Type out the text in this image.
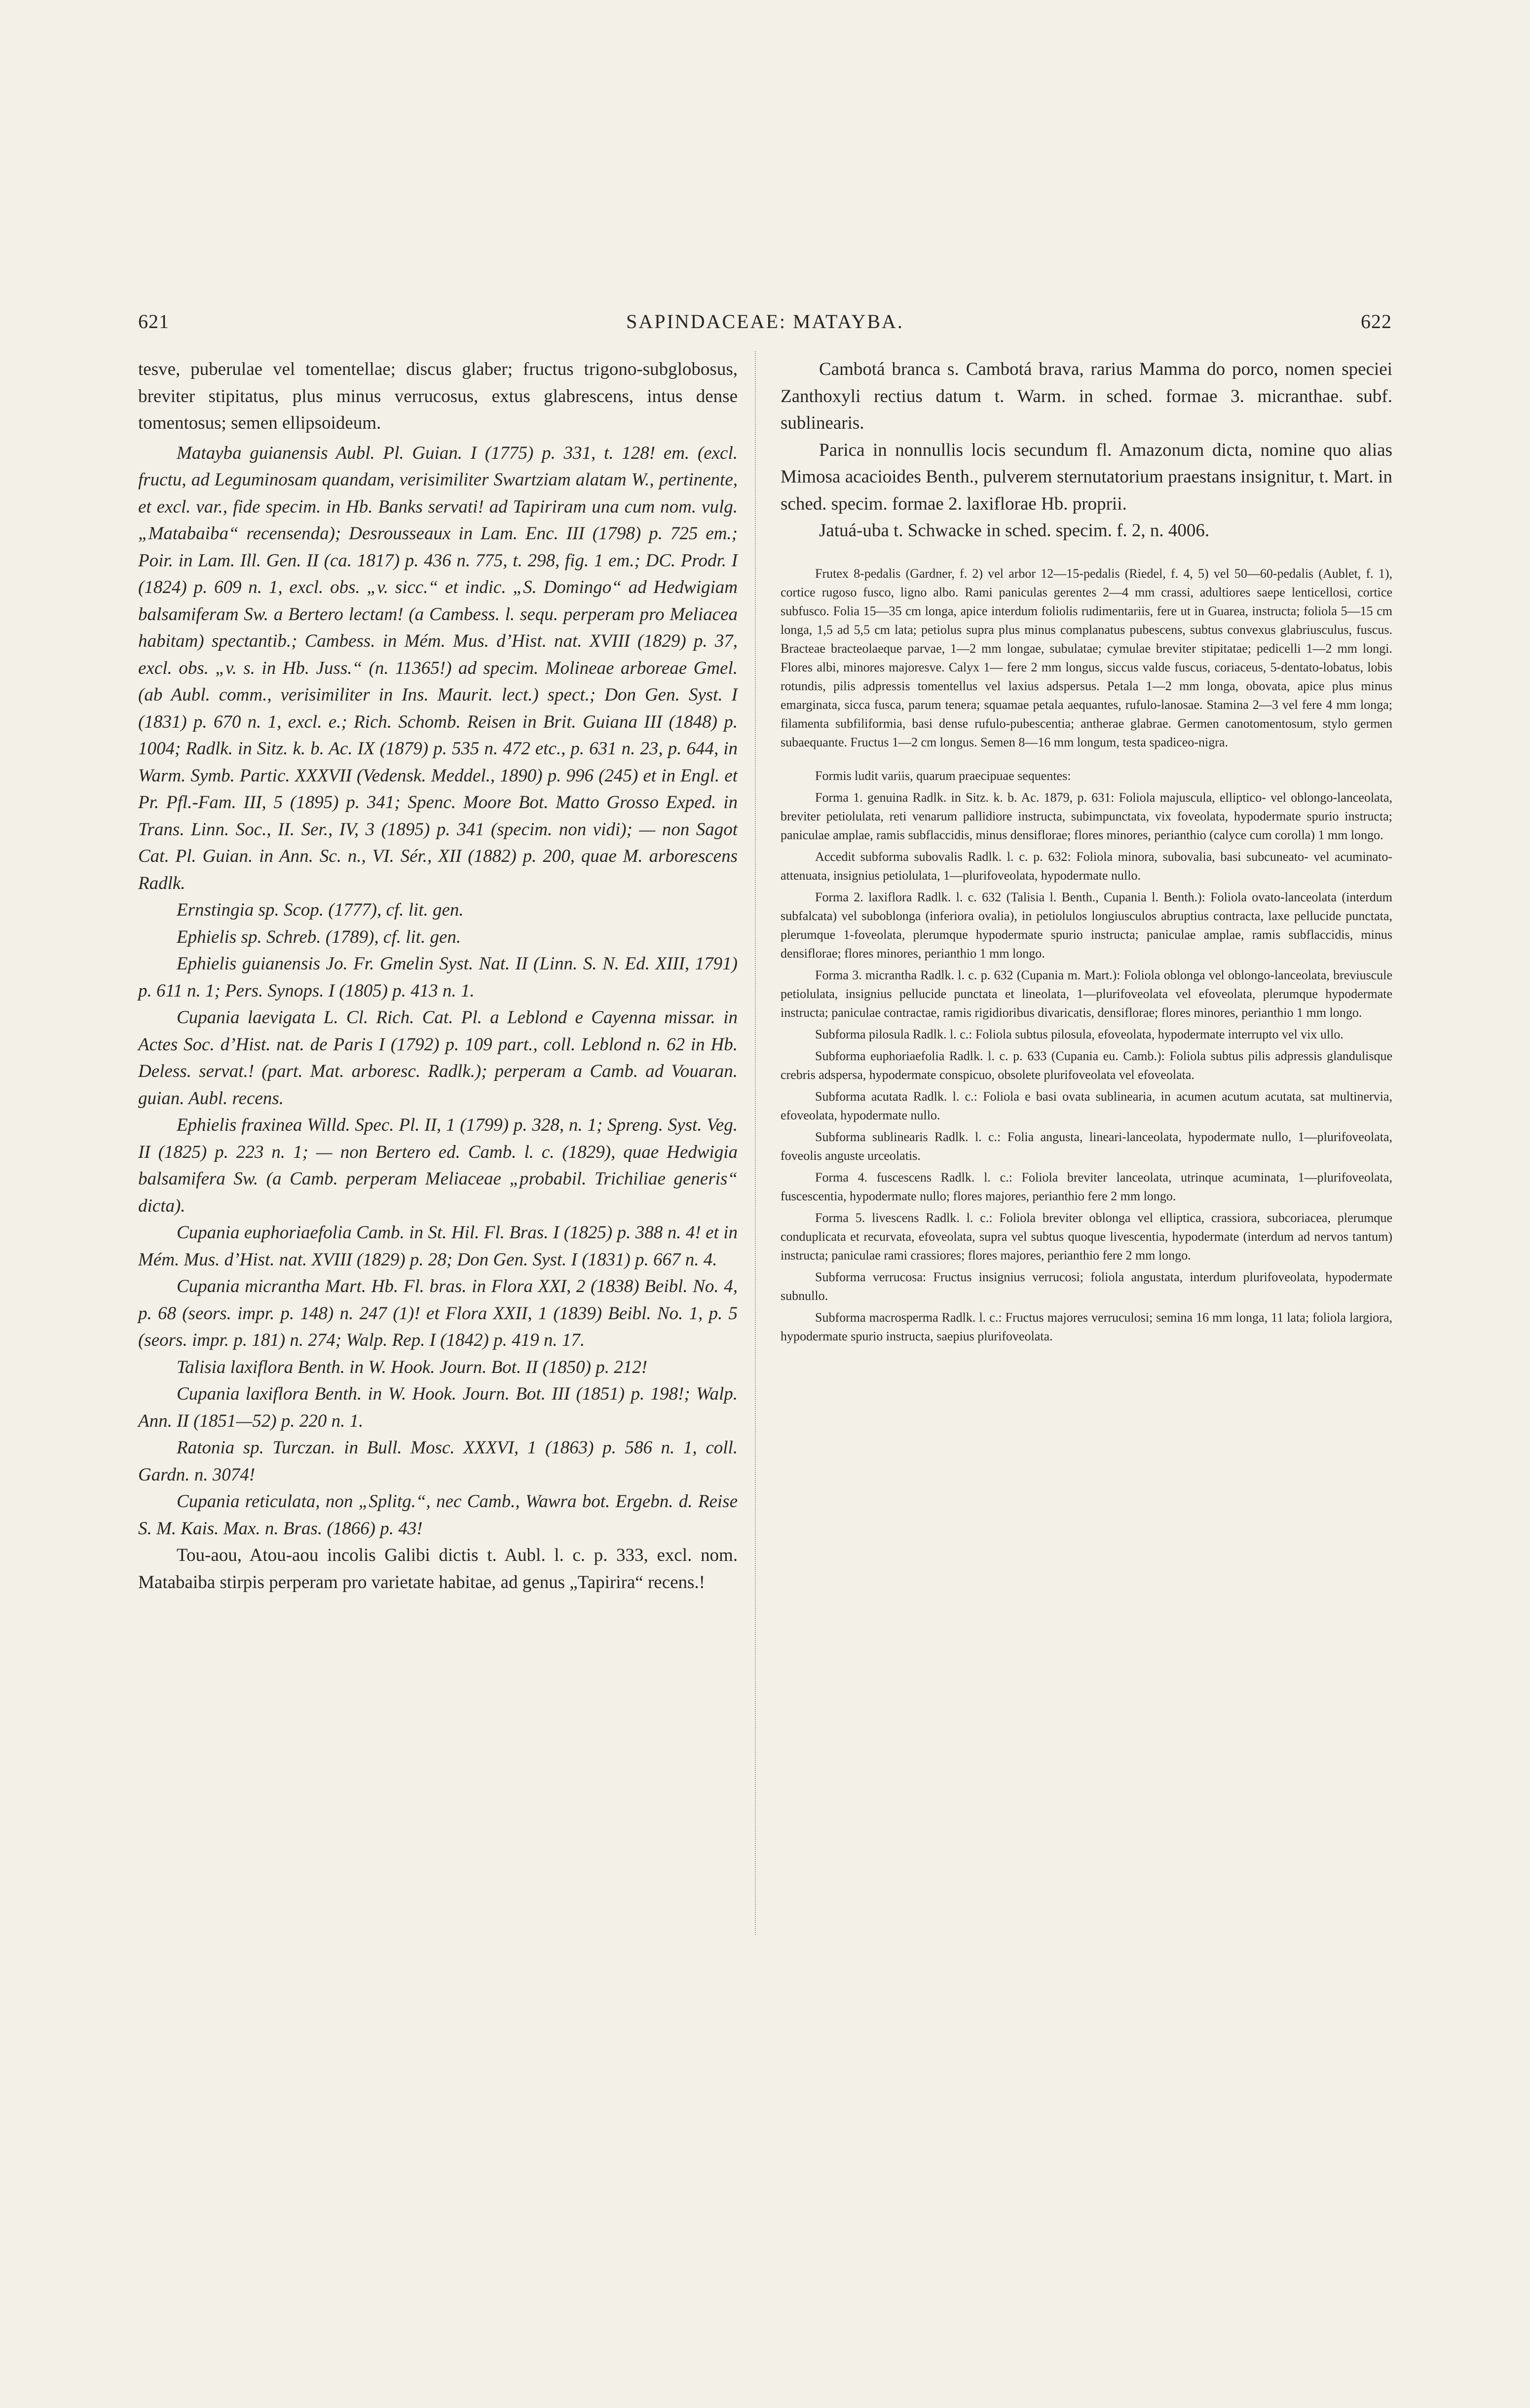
621	SAPINDACEAE: MATAYBA.	622

tesve, puberulae vel tomentellae; discus glaber; fructus trigono-subglobosus, breviter stipitatus, plus minus verrucosus, extus glabrescens, intus dense tomentosus; semen ellipsoideum.

Matayba guianensis Aubl. Pl. Guian. I (1775) p. 331, t. 128! em. (excl. fructu, ad Leguminosam quandam, verisimiliter Swartziam alatam W., pertinente, et excl. var., fide specim. in Hb. Banks servati! ad Tapiriram una cum nom. vulg. „Matabaiba“ recensenda); Desrousseaux in Lam. Enc. III (1798) p. 725 em.; Poir. in Lam. Ill. Gen. II (ca. 1817) p. 436 n. 775, t. 298, fig. 1 em.; DC. Prodr. I (1824) p. 609 n. 1, excl. obs. „v. sicc.“ et indic. „S. Domingo“ ad Hedwigiam balsamiferam Sw. a Bertero lectam! (a Cambess. l. sequ. perperam pro Meliacea habitam) spectantib.; Cambess. in Mém. Mus. d’Hist. nat. XVIII (1829) p. 37, excl. obs. „v. s. in Hb. Juss.“ (n. 11365!) ad specim. Molineae arboreae Gmel. (ab Aubl. comm., verisimiliter in Ins. Maurit. lect.) spect.; Don Gen. Syst. I (1831) p. 670 n. 1, excl. e.; Rich. Schomb. Reisen in Brit. Guiana III (1848) p. 1004; Radlk. in Sitz. k. b. Ac. IX (1879) p. 535 n. 472 etc., p. 631 n. 23, p. 644, in Warm. Symb. Partic. XXXVII (Vedensk. Meddel., 1890) p. 996 (245) et in Engl. et Pr. Pfl.-Fam. III, 5 (1895) p. 341; Spenc. Moore Bot. Matto Grosso Exped. in Trans. Linn. Soc., II. Ser., IV, 3 (1895) p. 341 (specim. non vidi); — non Sagot Cat. Pl. Guian. in Ann. Sc. n., VI. Sér., XII (1882) p. 200, quae M. arborescens Radlk.

Ernstingia sp. Scop. (1777), cf. lit. gen.

Ephielis sp. Schreb. (1789), cf. lit. gen.

Ephielis guianensis Jo. Fr. Gmelin Syst. Nat. II (Linn. S. N. Ed. XIII, 1791) p. 611 n. 1; Pers. Synops. I (1805) p. 413 n. 1.

Cupania laevigata L. Cl. Rich. Cat. Pl. a Leblond e Cayenna missar. in Actes Soc. d’Hist. nat. de Paris I (1792) p. 109 part., coll. Leblond n. 62 in Hb. Deless. servat.! (part. Mat. arboresc. Radlk.); perperam a Camb. ad Vouaran. guian. Aubl. recens.

Ephielis fraxinea Willd. Spec. Pl. II, 1 (1799) p. 328, n. 1; Spreng. Syst. Veg. II (1825) p. 223 n. 1; — non Bertero ed. Camb. l. c. (1829), quae Hedwigia balsamifera Sw. (a Camb. perperam Meliaceae „probabil. Trichiliae generis“ dicta).

Cupania euphoriaefolia Camb. in St. Hil. Fl. Bras. I (1825) p. 388 n. 4! et in Mém. Mus. d’Hist. nat. XVIII (1829) p. 28; Don Gen. Syst. I (1831) p. 667 n. 4.

Cupania micrantha Mart. Hb. Fl. bras. in Flora XXI, 2 (1838) Beibl. No. 4, p. 68 (seors. impr. p. 148) n. 247 (1)! et Flora XXII, 1 (1839) Beibl. No. 1, p. 5 (seors. impr. p. 181) n. 274; Walp. Rep. I (1842) p. 419 n. 17.

Talisia laxiflora Benth. in W. Hook. Journ. Bot. II (1850) p. 212!

Cupania laxiflora Benth. in W. Hook. Journ. Bot. III (1851) p. 198!; Walp. Ann. II (1851—52) p. 220 n. 1.

Ratonia sp. Turczan. in Bull. Mosc. XXXVI, 1 (1863) p. 586 n. 1, coll. Gardn. n. 3074!

Cupania reticulata, non „Splitg.“, nec Camb., Wawra bot. Ergebn. d. Reise S. M. Kais. Max. n. Bras. (1866) p. 43!

Tou-aou, Atou-aou incolis Galibi dictis t. Aubl. l. c. p. 333, excl. nom. Matabaiba stirpis perperam pro varietate habitae, ad genus „Tapirira“ recens.!

Cambotá branca s. Cambotá brava, rarius Mamma do porco, nomen speciei Zanthoxyli rectius datum t. Warm. in sched. formae 3. micranthae. subf. sublinearis.

Parica in nonnullis locis secundum fl. Amazonum dicta, nomine quo alias Mimosa acacioides Benth., pulverem sternutatorium praestans insignitur, t. Mart. in sched. specim. formae 2. laxiflorae Hb. proprii.

Jatuá-uba t. Schwacke in sched. specim. f. 2, n. 4006.

Frutex 8-pedalis (Gardner, f. 2) vel arbor 12—15-pedalis (Riedel, f. 4, 5) vel 50—60-pedalis (Aublet, f. 1), cortice rugoso fusco, ligno albo. Rami paniculas gerentes 2—4 mm crassi, adultiores saepe lenticellosi, cortice subfusco. Folia 15—35 cm longa, apice interdum foliolis rudimentariis, fere ut in Guarea, instructa; foliola 5—15 cm longa, 1,5 ad 5,5 cm lata; petiolus supra plus minus complanatus pubescens, subtus convexus glabriusculus, fuscus. Bracteae bracteolaeque parvae, 1—2 mm longae, subulatae; cymulae breviter stipitatae; pedicelli 1—2 mm longi. Flores albi, minores majoresve. Calyx 1— fere 2 mm longus, siccus valde fuscus, coriaceus, 5-dentato-lobatus, lobis rotundis, pilis adpressis tomentellus vel laxius adspersus. Petala 1—2 mm longa, obovata, apice plus minus emarginata, sicca fusca, parum tenera; squamae petala aequantes, rufulo-lanosae. Stamina 2—3 vel fere 4 mm longa; filamenta subfiliformia, basi dense rufulo-pubescentia; antherae glabrae. Germen canotomentosum, stylo germen subaequante. Fructus 1—2 cm longus. Semen 8—16 mm longum, testa spadiceo-nigra.

Formis ludit variis, quarum praecipuae sequentes:

Forma 1. genuina Radlk. in Sitz. k. b. Ac. 1879, p. 631: Foliola majuscula, elliptico- vel oblongo-lanceolata, breviter petiolulata, reti venarum pallidiore instructa, subimpunctata, vix foveolata, hypodermate spurio instructa; paniculae amplae, ramis subflaccidis, minus densiflorae; flores minores, perianthio (calyce cum corolla) 1 mm longo.

Accedit subforma subovalis Radlk. l. c. p. 632: Foliola minora, subovalia, basi subcuneato- vel acuminato-attenuata, insignius petiolulata, 1—plurifoveolata, hypodermate nullo.

Forma 2. laxiflora Radlk. l. c. 632 (Talisia l. Benth., Cupania l. Benth.): Foliola ovato-lanceolata (interdum subfalcata) vel suboblonga (inferiora ovalia), in petiolulos longiusculos abruptius contracta, laxe pellucide punctata, plerumque 1-foveolata, plerumque hypodermate spurio instructa; paniculae amplae, ramis subflaccidis, minus densiflorae; flores minores, perianthio 1 mm longo.

Forma 3. micrantha Radlk. l. c. p. 632 (Cupania m. Mart.): Foliola oblonga vel oblongo-lanceolata, breviuscule petiolulata, insignius pellucide punctata et lineolata, 1—plurifoveolata vel efoveolata, plerumque hypodermate instructa; paniculae contractae, ramis rigidioribus divaricatis, densiflorae; flores minores, perianthio 1 mm longo.

Subforma pilosula Radlk. l. c.: Foliola subtus pilosula, efoveolata, hypodermate interrupto vel vix ullo.

Subforma euphoriaefolia Radlk. l. c. p. 633 (Cupania eu. Camb.): Foliola subtus pilis adpressis glandulisque crebris adspersa, hypodermate conspicuo, obsolete plurifoveolata vel efoveolata.

Subforma acutata Radlk. l. c.: Foliola e basi ovata sublinearia, in acumen acutum acutata, sat multinervia, efoveolata, hypodermate nullo.

Subforma sublinearis Radlk. l. c.: Folia angusta, lineari-lanceolata, hypodermate nullo, 1—plurifoveolata, foveolis anguste urceolatis.

Forma 4. fuscescens Radlk. l. c.: Foliola breviter lanceolata, utrinque acuminata, 1—plurifoveolata, fuscescentia, hypodermate nullo; flores majores, perianthio fere 2 mm longo.

Forma 5. livescens Radlk. l. c.: Foliola breviter oblonga vel elliptica, crassiora, subcoriacea, plerumque conduplicata et recurvata, efoveolata, supra vel subtus quoque livescentia, hypodermate (interdum ad nervos tantum) instructa; paniculae rami crassiores; flores majores, perianthio fere 2 mm longo.

Subforma verrucosa: Fructus insignius verrucosi; foliola angustata, interdum plurifoveolata, hypodermate subnullo.

Subforma macrosperma Radlk. l. c.: Fructus majores verruculosi; semina 16 mm longa, 11 lata; foliola largiora, hypodermate spurio instructa, saepius plurifoveolata.
